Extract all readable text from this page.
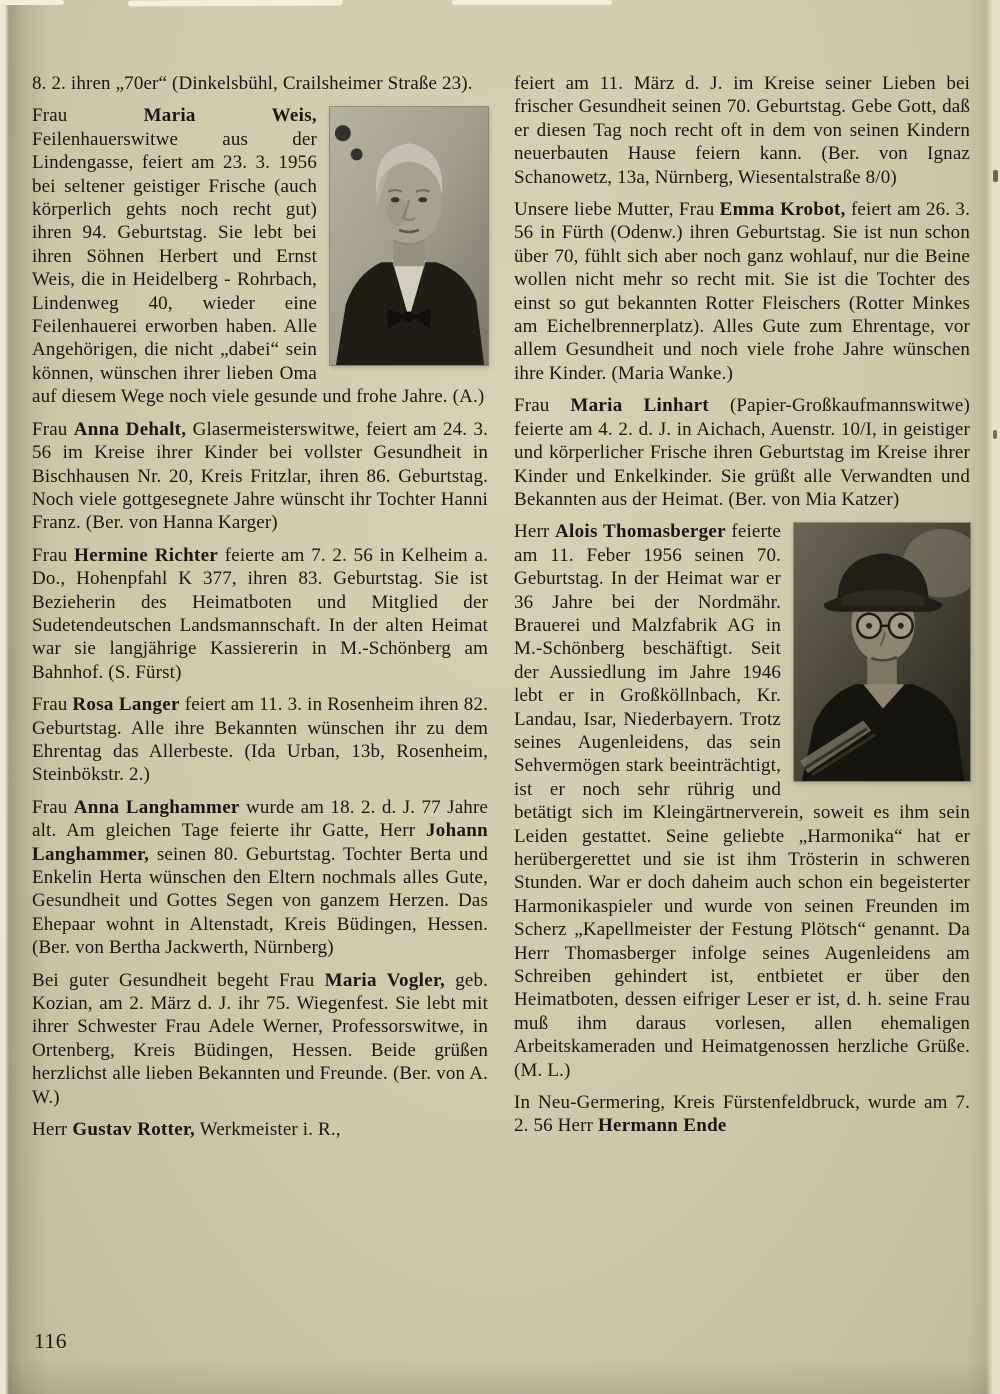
8. 2. ihren „70er“ (Dinkelsbühl, Crailsheimer Straße 23).

Frau Maria Weis, Feilenhauerswitwe aus der Lindengasse, feiert am 23. 3. 1956 bei seltener geistiger Frische (auch körperlich gehts noch recht gut) ihren 94. Geburtstag. Sie lebt bei ihren Söhnen Herbert und Ernst Weis, die in Heidelberg - Rohrbach, Lindenweg 40, wieder eine Feilenhauerei erworben haben. Alle Angehörigen, die nicht „dabei“ sein können, wünschen ihrer lieben Oma auf diesem Wege noch viele gesunde und frohe Jahre. (A.)

Frau Anna Dehalt, Glasermeisterswitwe, feiert am 24. 3. 56 im Kreise ihrer Kinder bei vollster Gesundheit in Bischhausen Nr. 20, Kreis Fritzlar, ihren 86. Geburtstag. Noch viele gottgesegnete Jahre wünscht ihr Tochter Hanni Franz. (Ber. von Hanna Karger)

Frau Hermine Richter feierte am 7. 2. 56 in Kelheim a. Do., Hohenpfahl K 377, ihren 83. Geburtstag. Sie ist Bezieherin des Heimatboten und Mitglied der Sudetendeutschen Landsmannschaft. In der alten Heimat war sie langjährige Kassiererin in M.-Schönberg am Bahnhof. (S. Fürst)

Frau Rosa Langer feiert am 11. 3. in Rosenheim ihren 82. Geburtstag. Alle ihre Bekannten wünschen ihr zu dem Ehrentag das Allerbeste. (Ida Urban, 13b, Rosenheim, Steinbökstr. 2.)

Frau Anna Langhammer wurde am 18. 2. d. J. 77 Jahre alt. Am gleichen Tage feierte ihr Gatte, Herr Johann Langhammer, seinen 80. Geburtstag. Tochter Berta und Enkelin Herta wünschen den Eltern nochmals alles Gute, Gesundheit und Gottes Segen von ganzem Herzen. Das Ehepaar wohnt in Altenstadt, Kreis Büdingen, Hessen. (Ber. von Bertha Jackwerth, Nürnberg)

Bei guter Gesundheit begeht Frau Maria Vogler, geb. Kozian, am 2. März d. J. ihr 75. Wiegenfest. Sie lebt mit ihrer Schwester Frau Adele Werner, Professorswitwe, in Ortenberg, Kreis Büdingen, Hessen. Beide grüßen herzlichst alle lieben Bekannten und Freunde. (Ber. von A. W.)

Herr Gustav Rotter, Werkmeister i. R.,

feiert am 11. März d. J. im Kreise seiner Lieben bei frischer Gesundheit seinen 70. Geburtstag. Gebe Gott, daß er diesen Tag noch recht oft in dem von seinen Kindern neuerbauten Hause feiern kann. (Ber. von Ignaz Schanowetz, 13a, Nürnberg, Wiesentalstraße 8/0)

Unsere liebe Mutter, Frau Emma Krobot, feiert am 26. 3. 56 in Fürth (Odenw.) ihren Geburtstag. Sie ist nun schon über 70, fühlt sich aber noch ganz wohlauf, nur die Beine wollen nicht mehr so recht mit. Sie ist die Tochter des einst so gut bekannten Rotter Fleischers (Rotter Minkes am Eichelbrennerplatz). Alles Gute zum Ehrentage, vor allem Gesundheit und noch viele frohe Jahre wünschen ihre Kinder. (Maria Wanke.)

Frau Maria Linhart (Papier-Großkaufmannswitwe) feierte am 4. 2. d. J. in Aichach, Auenstr. 10/I, in geistiger und körperlicher Frische ihren Geburtstag im Kreise ihrer Kinder und Enkelkinder. Sie grüßt alle Verwandten und Bekannten aus der Heimat. (Ber. von Mia Katzer)

Herr Alois Thomasberger feierte am 11. Feber 1956 seinen 70. Geburtstag. In der Heimat war er 36 Jahre bei der Nordmähr. Brauerei und Malzfabrik AG in M.-Schönberg beschäftigt. Seit der Aussiedlung im Jahre 1946 lebt er in Großköllnbach, Kr. Landau, Isar, Niederbayern. Trotz seines Augenleidens, das sein Sehvermögen stark beeinträchtigt, ist er noch sehr rührig und betätigt sich im Kleingärtnerverein, soweit es ihm sein Leiden gestattet. Seine geliebte „Harmonika“ hat er herübergerettet und sie ist ihm Trösterin in schweren Stunden. War er doch daheim auch schon ein begeisterter Harmonikaspieler und wurde von seinen Freunden im Scherz „Kapellmeister der Festung Plötsch“ genannt. Da Herr Thomasberger infolge seines Augenleidens am Schreiben gehindert ist, entbietet er über den Heimatboten, dessen eifriger Leser er ist, d. h. seine Frau muß ihm daraus vorlesen, allen ehemaligen Arbeitskameraden und Heimatgenossen herzliche Grüße. (M. L.)

In Neu-Germering, Kreis Fürstenfeldbruck, wurde am 7. 2. 56 Herr Hermann Ende

116
